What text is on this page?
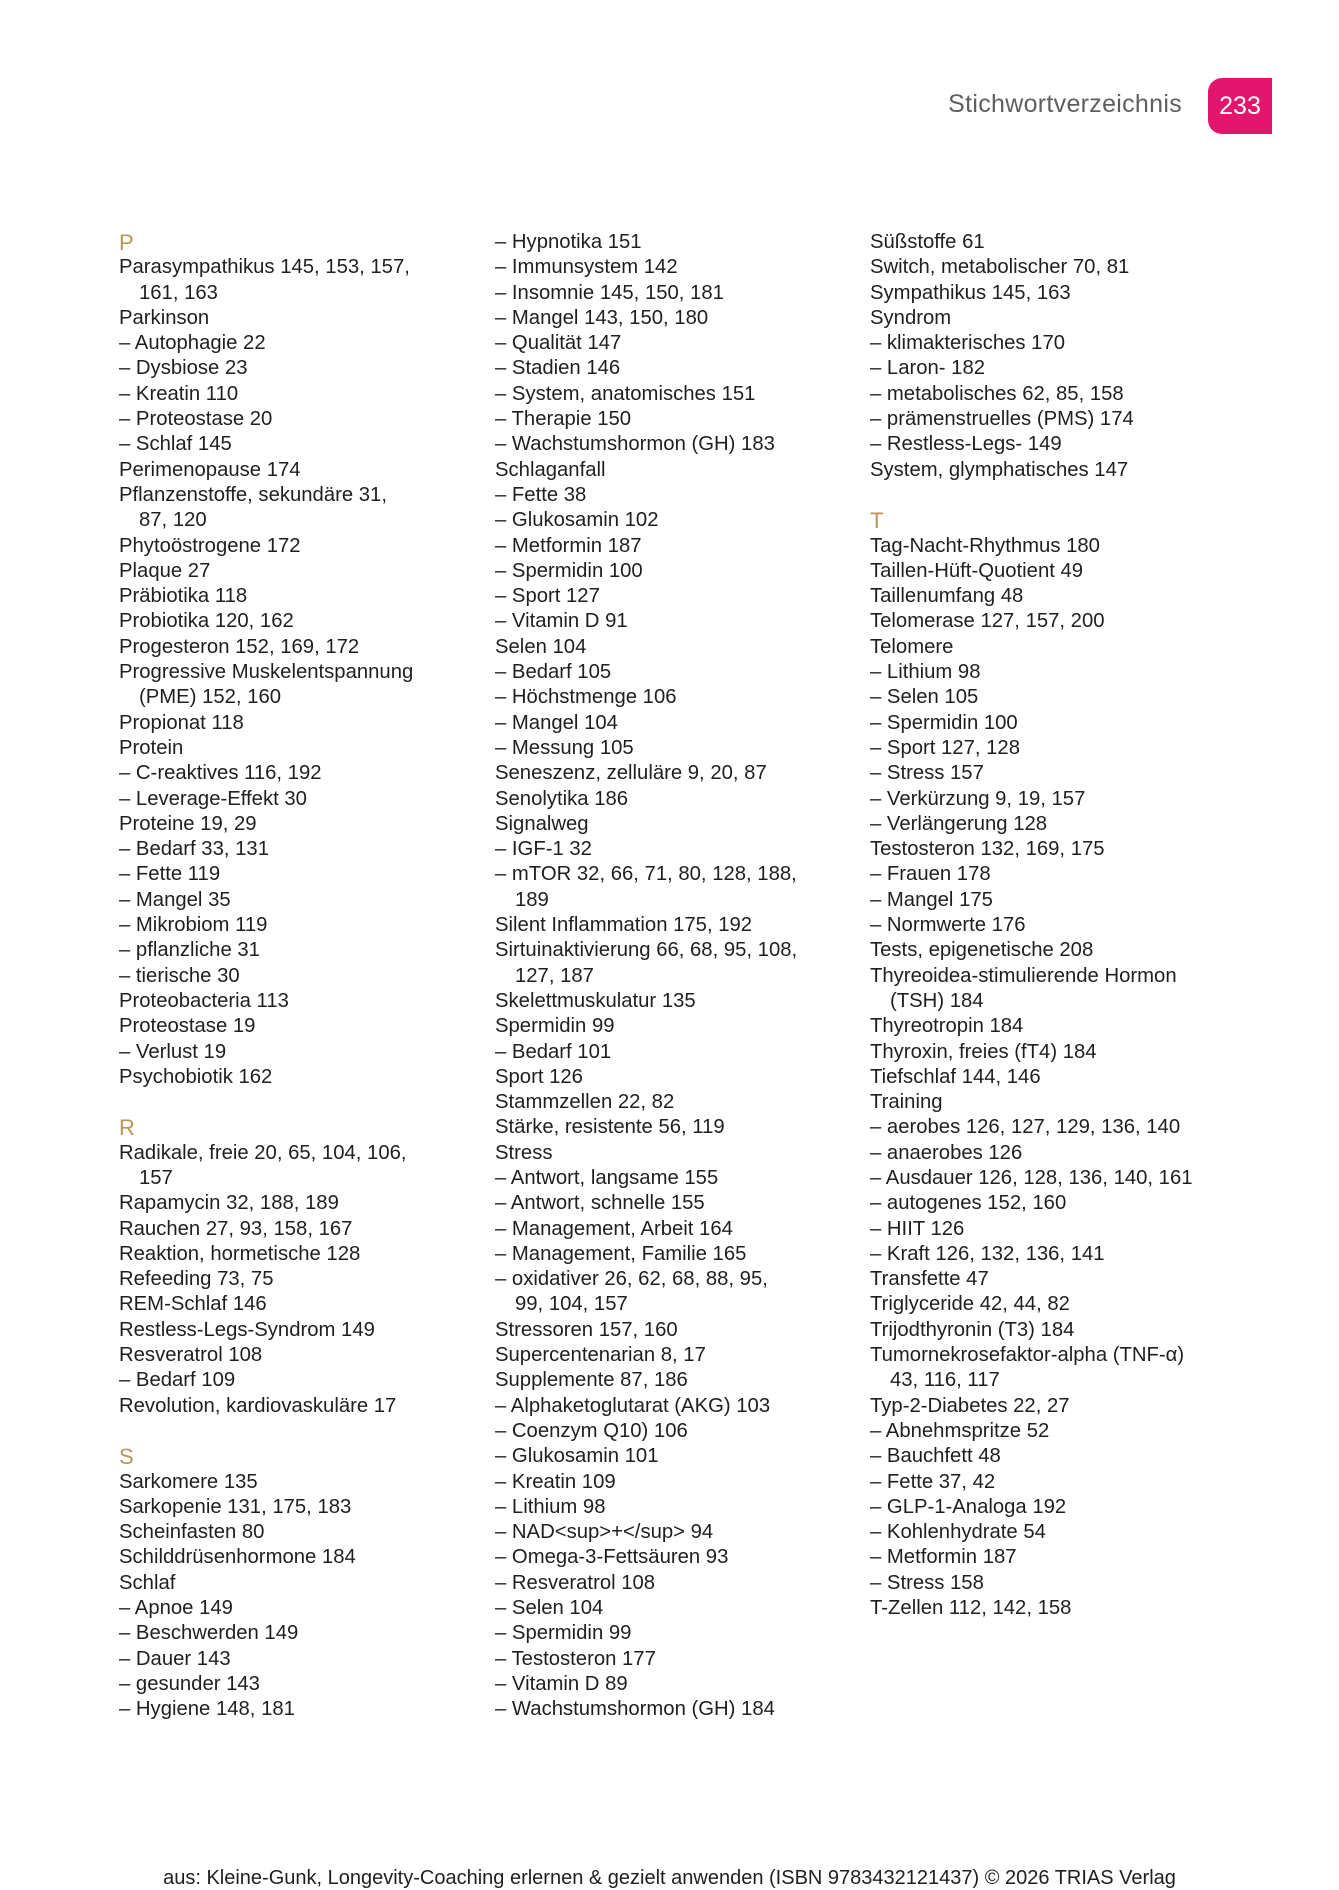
Stichwortverzeichnis	233
P
Parasympathikus 145, 153, 157,
161, 163
Parkinson
– Autophagie 22
– Dysbiose 23
– Kreatin 110
– Proteostase 20
– Schlaf 145
Perimenopause 174
Pflanzenstoffe, sekundäre 31,
87, 120
Phytoöstrogene 172
Plaque 27
Präbiotika 118
Probiotika 120, 162
Progesteron 152, 169, 172
Progressive Muskelentspannung
(PME) 152, 160
Propionat 118
Protein
– C-reaktives 116, 192
– Leverage-Effekt 30
Proteine 19, 29
– Bedarf 33, 131
– Fette 119
– Mangel 35
– Mikrobiom 119
– pflanzliche 31
– tierische 30
Proteobacteria 113
Proteostase 19
– Verlust 19
Psychobiotik 162
R
Radikale, freie 20, 65, 104, 106,
157
Rapamycin 32, 188, 189
Rauchen 27, 93, 158, 167
Reaktion, hormetische 128
Refeeding 73, 75
REM-Schlaf 146
Restless-Legs-Syndrom 149
Resveratrol 108
– Bedarf 109
Revolution, kardiovaskuläre 17
S
Sarkomere 135
Sarkopenie 131, 175, 183
Scheinfasten 80
Schilddrüsenhormone 184
Schlaf
– Apnoe 149
– Beschwerden 149
– Dauer 143
– gesunder 143
– Hygiene 148, 181
– Hypnotika 151
– Immunsystem 142
– Insomnie 145, 150, 181
– Mangel 143, 150, 180
– Qualität 147
– Stadien 146
– System, anatomisches 151
– Therapie 150
– Wachstumshormon (GH) 183
Schlaganfall
– Fette 38
– Glukosamin 102
– Metformin 187
– Spermidin 100
– Sport 127
– Vitamin D 91
Selen 104
– Bedarf 105
– Höchstmenge 106
– Mangel 104
– Messung 105
Seneszenz, zelluläre 9, 20, 87
Senolytika 186
Signalweg
– IGF-1 32
– mTOR 32, 66, 71, 80, 128, 188,
189
Silent Inflammation 175, 192
Sirtuinaktivierung 66, 68, 95, 108,
127, 187
Skelettmuskulatur 135
Spermidin 99
– Bedarf 101
Sport 126
Stammzellen 22, 82
Stärke, resistente 56, 119
Stress
– Antwort, langsame 155
– Antwort, schnelle 155
– Management, Arbeit 164
– Management, Familie 165
– oxidativer 26, 62, 68, 88, 95,
99, 104, 157
Stressoren 157, 160
Supercentenarian 8, 17
Supplemente 87, 186
– Alphaketoglutarat (AKG) 103
– Coenzym Q10) 106
– Glukosamin 101
– Kreatin 109
– Lithium 98
– NAD<sup>+</sup> 94
– Omega-3-Fettsäuren 93
– Resveratrol 108
– Selen 104
– Spermidin 99
– Testosteron 177
– Vitamin D 89
– Wachstumshormon (GH) 184
Süßstoffe 61
Switch, metabolischer 70, 81
Sympathikus 145, 163
Syndrom
– klimakterisches 170
– Laron- 182
– metabolisches 62, 85, 158
– prämenstruelles (PMS) 174
– Restless-Legs- 149
System, glymphatisches 147
T
Tag-Nacht-Rhythmus 180
Taillen-Hüft-Quotient 49
Taillenumfang 48
Telomerase 127, 157, 200
Telomere
– Lithium 98
– Selen 105
– Spermidin 100
– Sport 127, 128
– Stress 157
– Verkürzung 9, 19, 157
– Verlängerung 128
Testosteron 132, 169, 175
– Frauen 178
– Mangel 175
– Normwerte 176
Tests, epigenetische 208
Thyreoidea-stimulierende Hormon
(TSH) 184
Thyreotropin 184
Thyroxin, freies (fT4) 184
Tiefschlaf 144, 146
Training
– aerobes 126, 127, 129, 136, 140
– anaerobes 126
– Ausdauer 126, 128, 136, 140, 161
– autogenes 152, 160
– HIIT 126
– Kraft 126, 132, 136, 141
Transfette 47
Triglyceride 42, 44, 82
Trijodthyronin (T3) 184
Tumornekrosefaktor-alpha (TNF-α)
43, 116, 117
Typ-2-Diabetes 22, 27
– Abnehmspritze 52
– Bauchfett 48
– Fette 37, 42
– GLP-1-Analoga 192
– Kohlenhydrate 54
– Metformin 187
– Stress 158
T-Zellen 112, 142, 158
aus: Kleine-Gunk, Longevity-Coaching erlernen & gezielt anwenden (ISBN 9783432121437) © 2026 TRIAS Verlag
